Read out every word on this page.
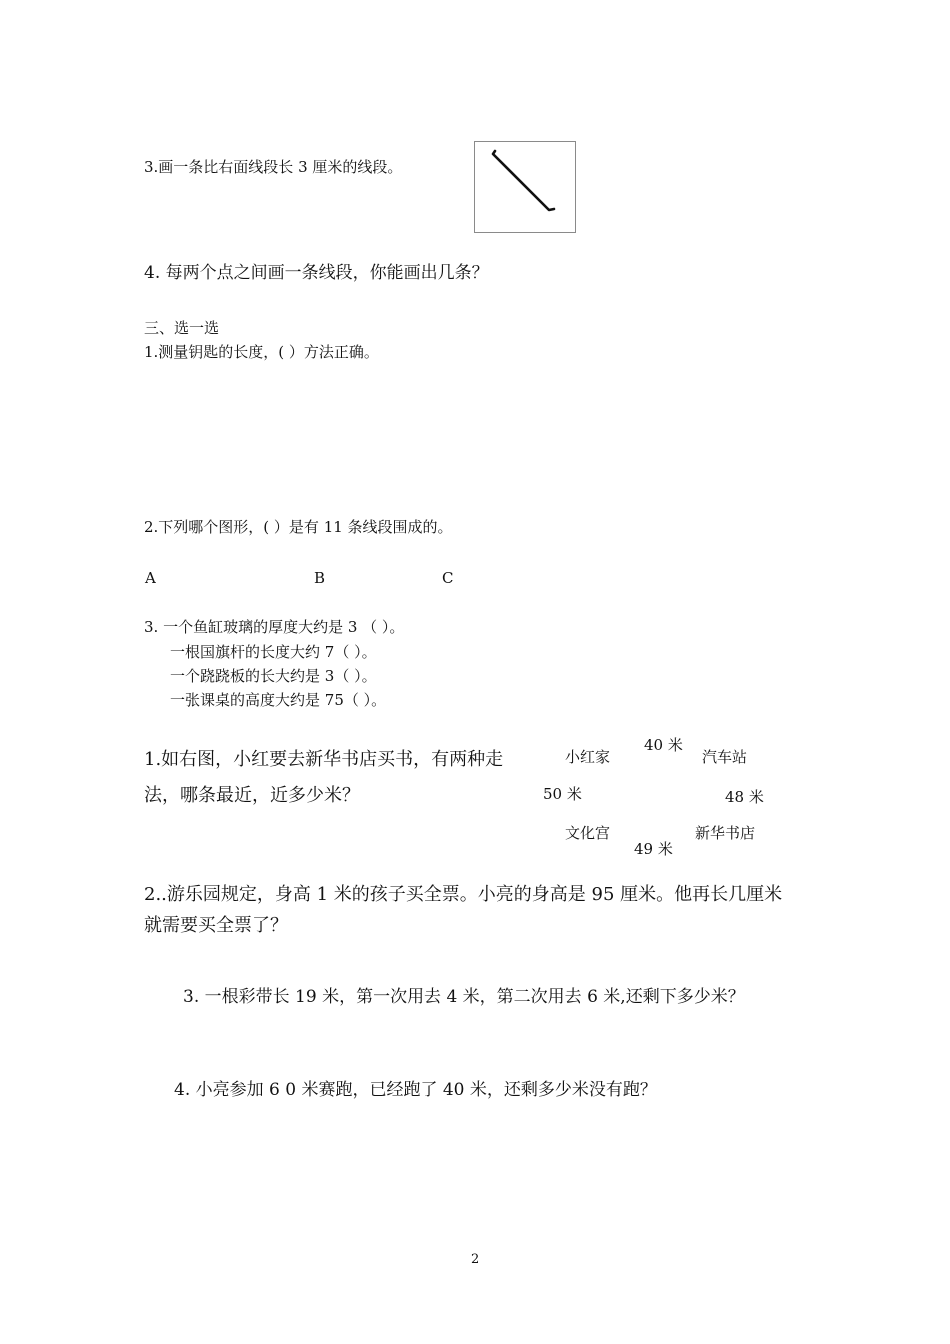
3.画一条比右面线段长 3 厘米的线段。
4. 每两个点之间画一条线段，你能画出几条？
三、选一选
1.测量钥匙的长度，( ）方法正确。
2.下列哪个图形，( ）是有 11 条线段围成的。
A	B	C
3. 一个鱼缸玻璃的厚度大约是 3 （ ）。
一根国旗杆的长度大约 7（ ）。
一个跷跷板的长大约是 3（ ）。
一张课桌的高度大约是 75（ ）。
1.如右图，小红要去新华书店买书，有两种走
法，哪条最近，近多少米？
小红家
40 米
汽车站
50 米	48 米
文化宫	新华书店
49 米
2..游乐园规定，身高 1 米的孩子买全票。小亮的身高是 95 厘米。他再长几厘米
就需要买全票了？
3. 一根彩带长 19 米，第一次用去 4 米，第二次用去 6 米,还剩下多少米？
4. 小亮参加 6 0 米赛跑，已经跑了 40 米，还剩多少米没有跑？
2
